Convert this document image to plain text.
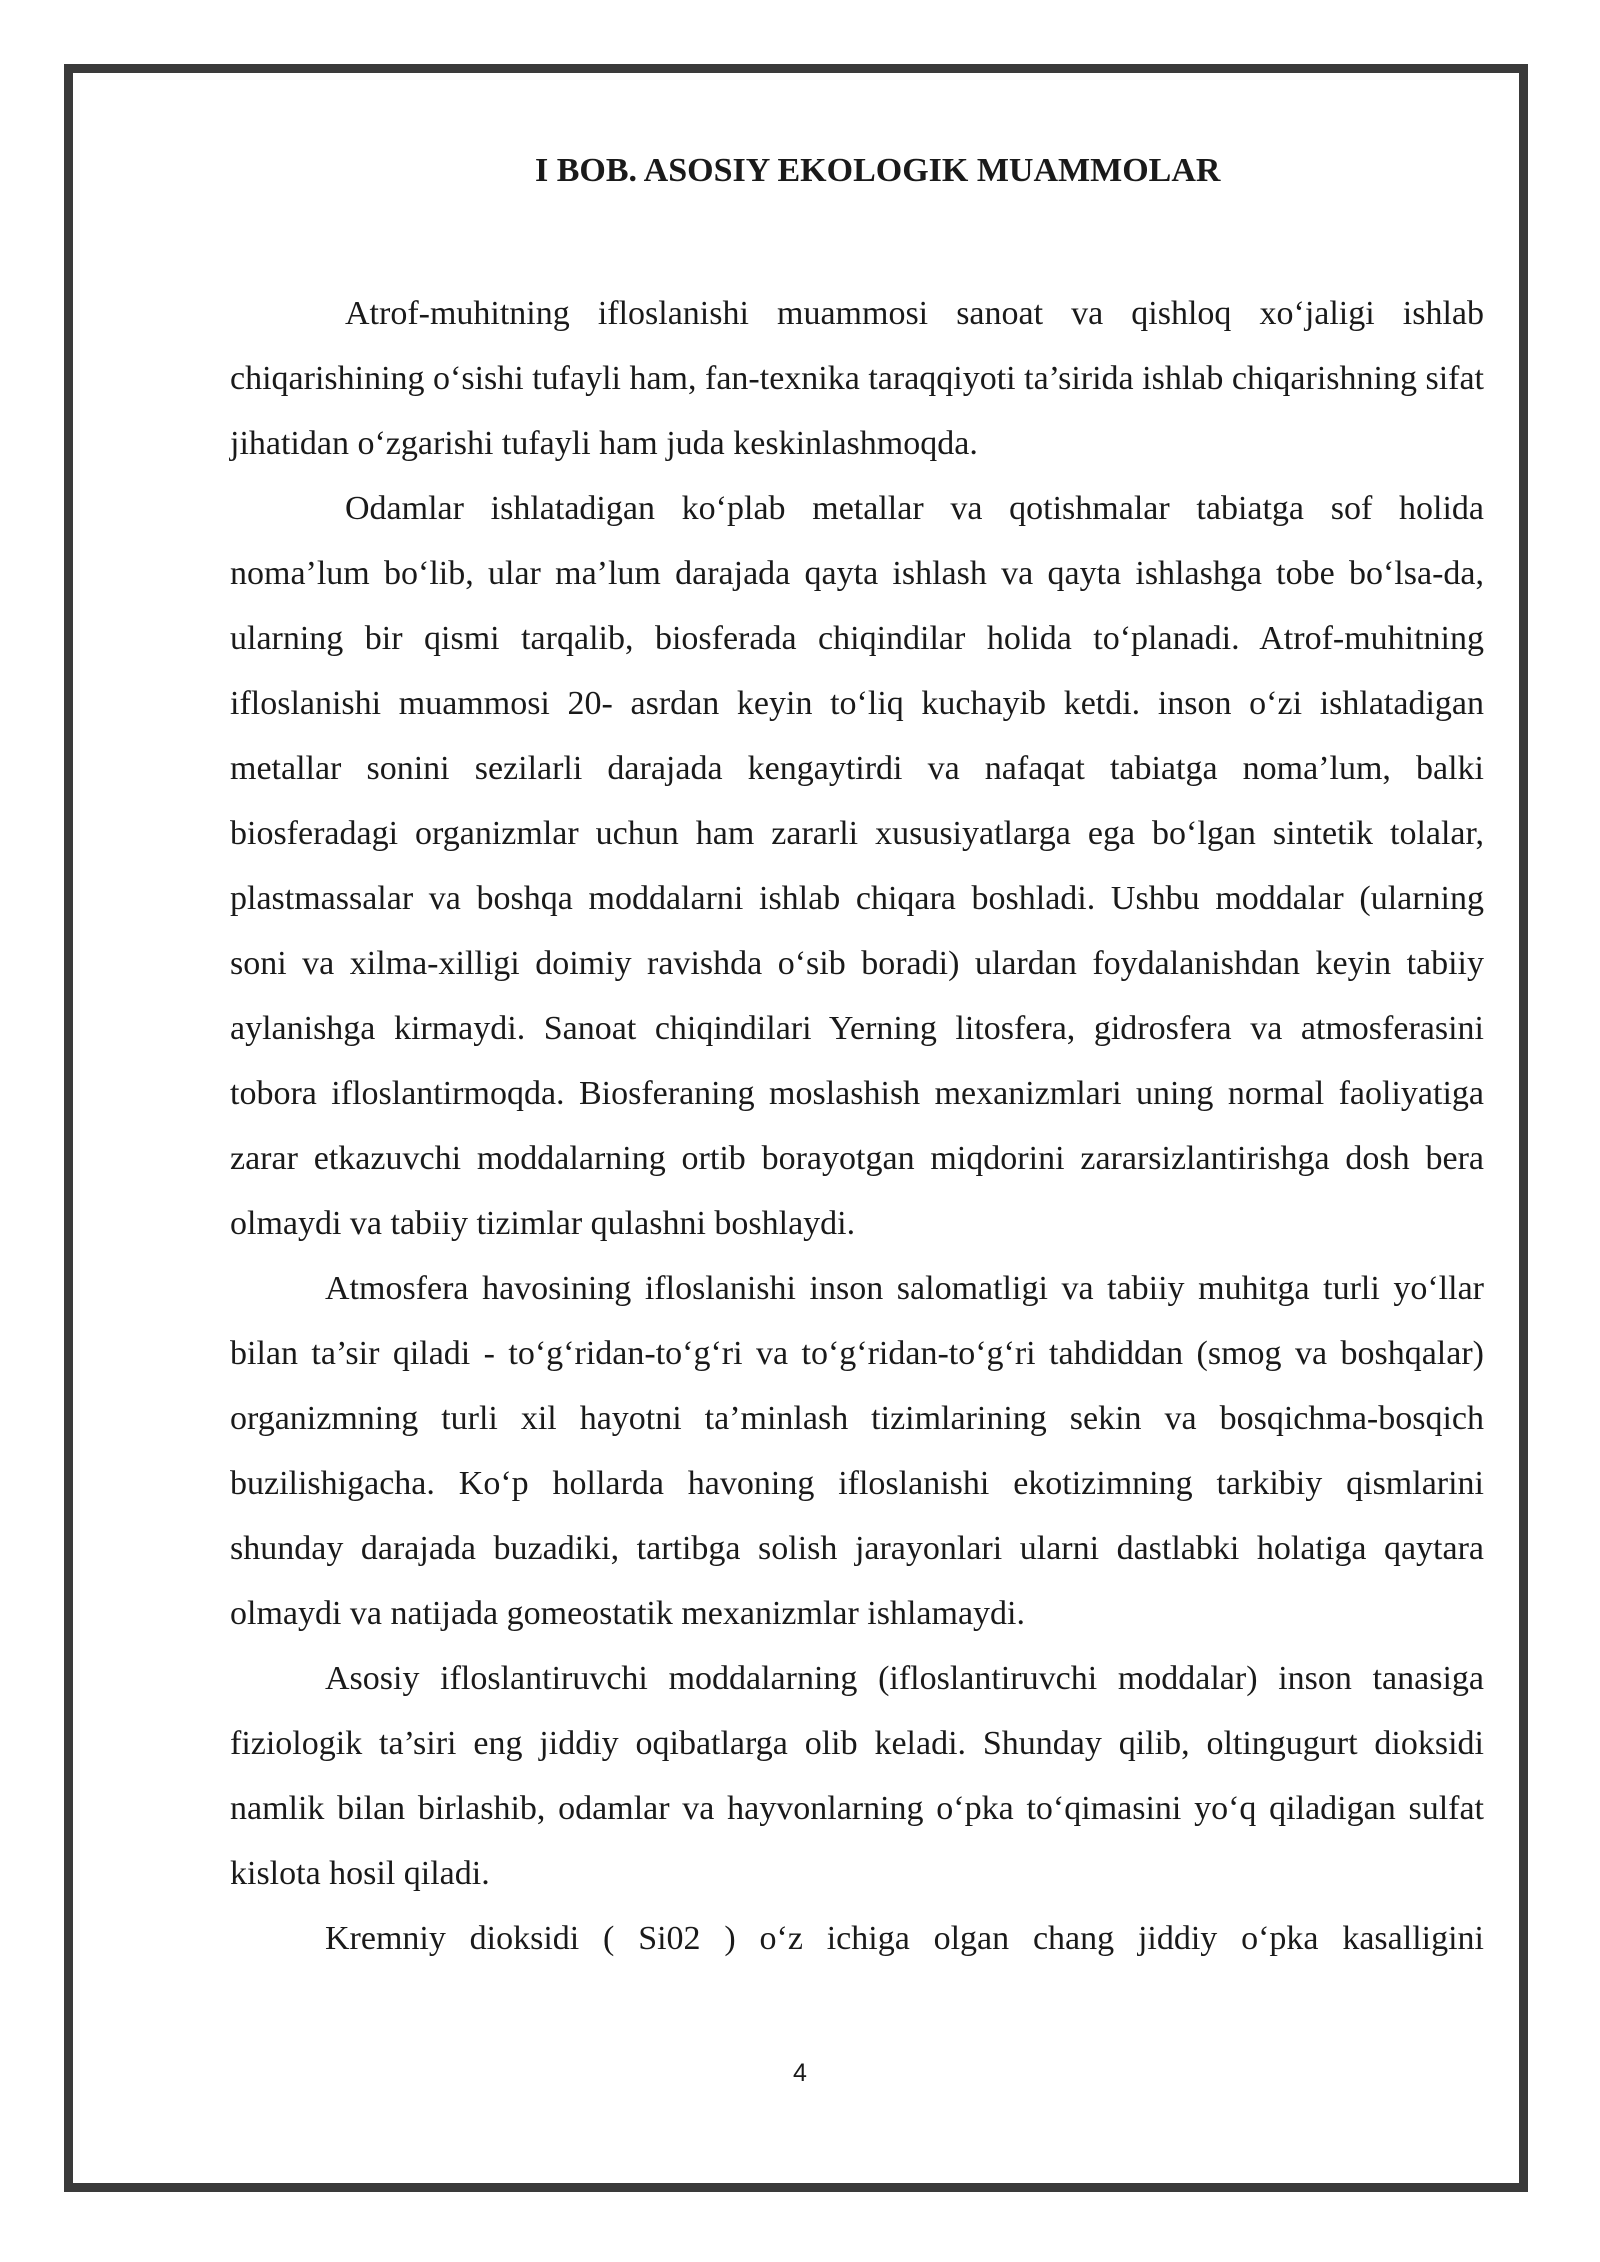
I BOB. ASOSIY EKOLOGIK MUAMMOLAR

Atrof-muhitning ifloslanishi muammosi sanoat va qishloq xo‘jaligi ishlab chiqarishining o‘sishi tufayli ham, fan-texnika taraqqiyoti ta’sirida ishlab chiqarishning sifat jihatidan o‘zgarishi tufayli ham juda keskinlashmoqda.

Odamlar ishlatadigan ko‘plab metallar va qotishmalar tabiatga sof holida noma’lum bo‘lib, ular ma’lum darajada qayta ishlash va qayta ishlashga tobe bo‘lsa-da, ularning bir qismi tarqalib, biosferada chiqindilar holida to‘planadi. Atrof-muhitning ifloslanishi muammosi 20- asrdan keyin to‘liq kuchayib ketdi. inson o‘zi ishlatadigan metallar sonini sezilarli darajada kengaytirdi va nafaqat tabiatga noma’lum, balki biosferadagi organizmlar uchun ham zararli xususiyatlarga ega bo‘lgan sintetik tolalar, plastmassalar va boshqa moddalarni ishlab chiqara boshladi. Ushbu moddalar (ularning soni va xilma-xilligi doimiy ravishda o‘sib boradi) ulardan foydalanishdan keyin tabiiy aylanishga kirmaydi. Sanoat chiqindilari Yerning litosfera, gidrosfera va atmosferasini tobora ifloslantirmoqda. Biosferaning moslashish mexanizmlari uning normal faoliyatiga zarar etkazuvchi moddalarning ortib borayotgan miqdorini zararsizlantirishga dosh bera olmaydi va tabiiy tizimlar qulashni boshlaydi.

Atmosfera havosining ifloslanishi inson salomatligi va tabiiy muhitga turli yo‘llar bilan ta’sir qiladi - to‘g‘ridan-to‘g‘ri va to‘g‘ridan-to‘g‘ri tahdiddan (smog va boshqalar) organizmning turli xil hayotni ta’minlash tizimlarining sekin va bosqichma-bosqich buzilishigacha. Ko‘p hollarda havoning ifloslanishi ekotizimning tarkibiy qismlarini shunday darajada buzadiki, tartibga solish jarayonlari ularni dastlabki holatiga qaytara olmaydi va natijada gomeostatik mexanizmlar ishlamaydi.

Asosiy ifloslantiruvchi moddalarning (ifloslantiruvchi moddalar) inson tanasiga fiziologik ta’siri eng jiddiy oqibatlarga olib keladi. Shunday qilib, oltingugurt dioksidi namlik bilan birlashib, odamlar va hayvonlarning o‘pka to‘qimasini yo‘q qiladigan sulfat kislota hosil qiladi.

Kremniy dioksidi ( Si02 ) o‘z ichiga olgan chang jiddiy o‘pka kasalligini

4
